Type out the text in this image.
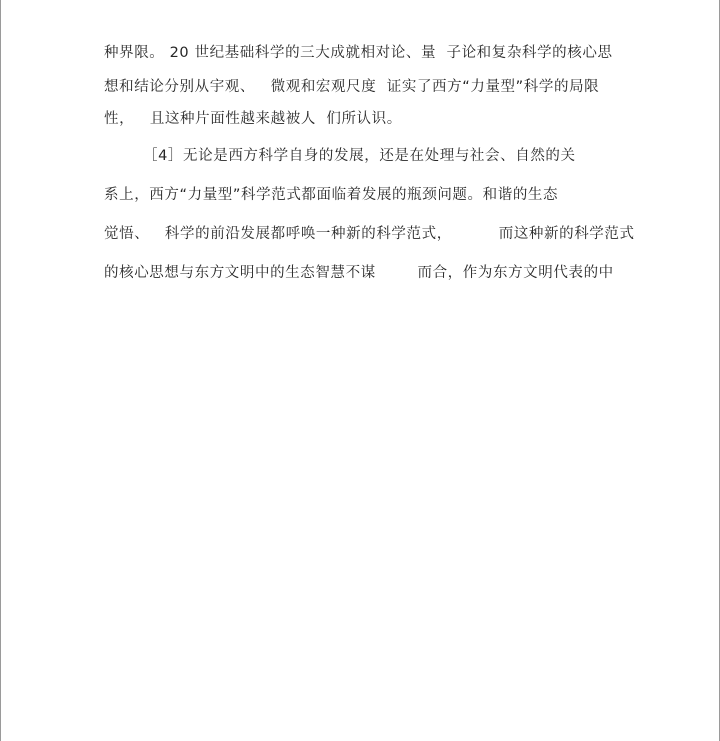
种界限。 20 世纪基础科学的三大成就相对论、量  子论和复杂科学的核心思
想和结论分别从宇观、   微观和宏观尺度  证实了西方“力量型”科学的局限
性，   且这种片面性越来越被人  们所认识。
［4］无论是西方科学自身的发展，还是在处理与社会、自然的关
系上，西方“力量型”科学范式都面临着发展的瓶颈问题。和谐的生态
觉悟、   科学的前沿发展都呼唤一种新的科学范式，         而这种新的科学范式
的核心思想与东方文明中的生态智慧不谋        而合，作为东方文明代表的中
